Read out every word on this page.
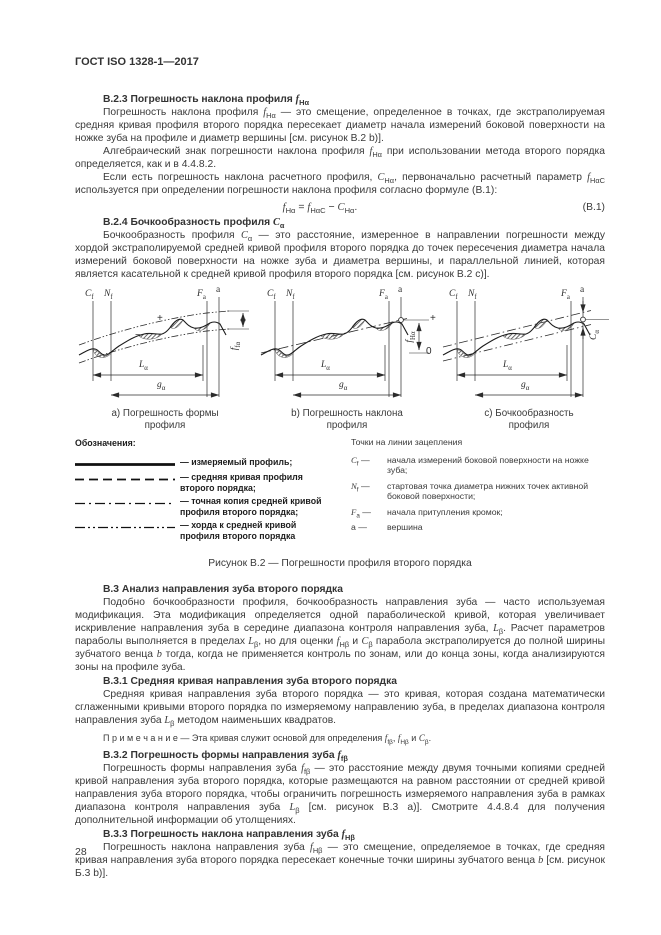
ГОСТ ISO 1328-1—2017
В.2.3 Погрешность наклона профиля $f_{H\alpha}$

Погрешность наклона профиля $f_{H\alpha}$ — это смещение, определенное в точках, где экстраполируемая средняя кривая профиля второго порядка пересекает диаметр начала измерений боковой поверхности на ножке зуба на профиле и диаметр вершины [см. рисунок В.2 b)].

Алгебраический знак погрешности наклона профиля $f_{H\alpha}$ при использовании метода второго порядка определяется, как и в 4.4.8.2.

Если есть погрешность наклона расчетного профиля, $C_{H\alpha}$, первоначально расчетный параметр $f_{H\alpha C}$ используется при определении погрешности наклона профиля согласно формуле (В.1):

$f_{H\alpha} = f_{H\alpha C} - C_{H\alpha}$.	(В.1)
В.2.4 Бочкообразность профиля $C_\alpha$

Бочкообразность профиля $C_\alpha$ — это расстояние, измеренное в направлении погрешности между хордой экстраполируемой средней кривой профиля второго порядка до точек пересечения диаметра начала измерений боковой поверхности на ножке зуба и диаметра вершины, и параллельной линией, которая является касательной к средней кривой профиля второго порядка [см. рисунок В.2 с)].

$C_f$ $N_f$	$F_а$
а
+
−
$L_\alpha$
$g_\alpha$
$f_{f\alpha}$
а) Погрешность формы
профиля
$C_f$ $N_f$	$F_а$
а
+
0
$L_\alpha$
$g_\alpha$
$f_{H\alpha}$
b) Погрешность наклона
профиля
$C_f$ $N_f$	$F_а$
а
$L_\alpha$
$g_\alpha$
$C_\alpha$
с) Бочкообразность
профиля
Обозначения:
— измеряемый профиль;
— средняя кривая профиля второго порядка;
— точная копия средней кривой профиля второго порядка;
— хорда к средней кривой профиля второго порядка
Точки на линии зацепления
$C_f$ —	начала измерений боковой поверхности на ножке зуба;
$N_f$ —	стартовая точка диаметра нижних точек активной боковой поверхности;
$F_а$ —	начала притупления кромок;
а —	вершина
Рисунок В.2 — Погрешности профиля второго порядка
В.3 Анализ направления зуба второго порядка

Подобно бочкообразности профиля, бочкообразность направления зуба — часто используемая модификация. Эта модификация определяется одной параболической кривой, которая увеличивает искривление направления зуба в середине диапазона контроля направления зуба, $L_\beta$. Расчет параметров параболы выполняется в пределах $L_\beta$, но для оценки $f_{H\beta}$ и $C_\beta$ парабола экстраполируется до полной ширины зубчатого венца b тогда, когда не применяется контроль по зонам, или до конца зоны, когда анализируются зоны на профиле зуба.

В.3.1 Средняя кривая направления зуба второго порядка

Средняя кривая направления зуба второго порядка — это кривая, которая создана математически сглаженными кривыми второго порядка по измеряемому направлению зуба, в пределах диапазона контроля направления зуба $L_\beta$ методом наименьших квадратов.

П р и м е ч а н и е — Эта кривая служит основой для определения $f_{f\beta}$, $f_{H\beta}$ и $C_\beta$.

В.3.2 Погрешность формы направления зуба $f_{f\beta}$

Погрешность формы направления зуба $f_{f\beta}$ — это расстояние между двумя точными копиями средней кривой направления зуба второго порядка, которые размещаются на равном расстоянии от средней кривой направления зуба второго порядка, чтобы ограничить погрешность измеряемого направления зуба в рамках диапазона контроля направления зуба $L_\beta$ [см. рисунок В.3 а)]. Смотрите 4.4.8.4 для получения дополнительной информации об утолщениях.

В.3.3 Погрешность наклона направления зуба $f_{H\beta}$

Погрешность наклона направления зуба $f_{H\beta}$ — это смещение, определяемое в точках, где средняя кривая направления зуба второго порядка пересекает конечные точки ширины зубчатого венца b [см. рисунок Б.3 b)].

28
